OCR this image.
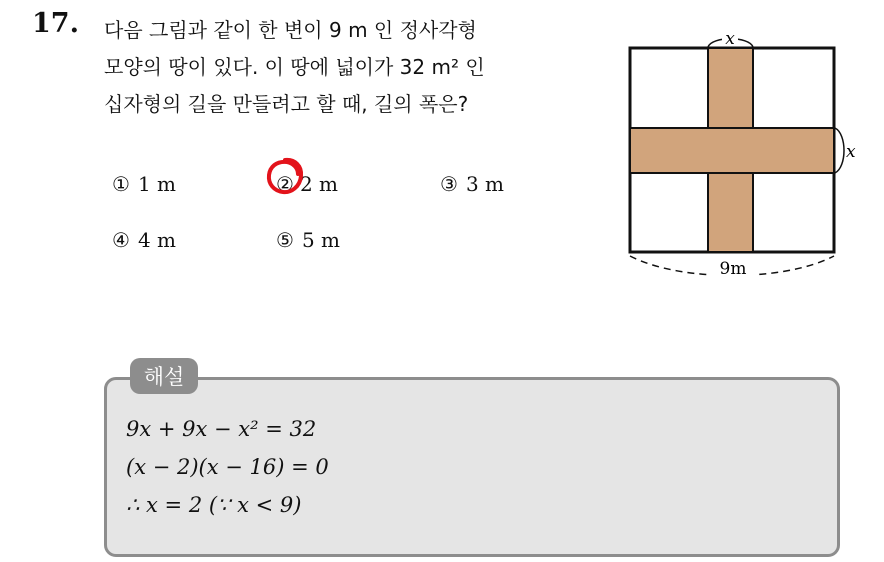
17. 다음 그림과 같이 한 변이 9 m 인 정사각형
모양의 땅이 있다. 이 땅에 넓이가 32 m² 인
십자형의 길을 만들려고 할 때, 길의 폭은?
① 1 m	② 2 m	③ 3 m
④ 4 m	⑤ 5 m
x
x
9m
해설
9x + 9x − x² = 32
(x − 2)(x − 16) = 0
∴ x = 2 (∵ x < 9)
